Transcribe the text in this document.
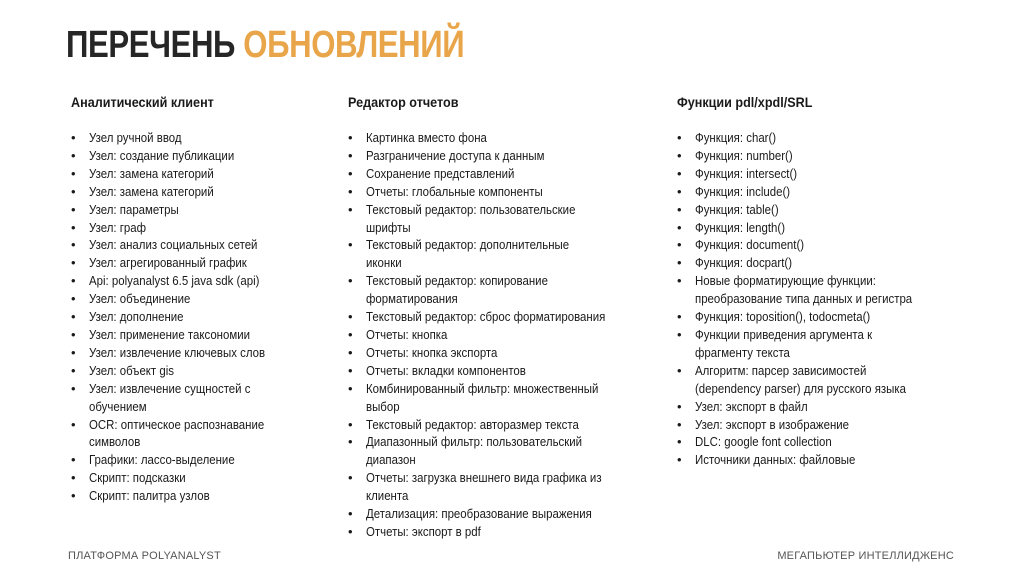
ПЕРЕЧЕНЬ ОБНОВЛЕНИЙ
Аналитический клиент
• Узел ручной ввод
• Узел: создание публикации
• Узел: замена категорий
• Узел: замена категорий
• Узел: параметры
• Узел: граф
• Узел: анализ социальных сетей
• Узел: агрегированный график
• Api: polyanalyst 6.5 java sdk (api)
• Узел: объединение
• Узел: дополнение
• Узел: применение таксономии
• Узел: извлечение ключевых слов
• Узел: объект gis
• Узел: извлечение сущностей с
обучением
• OCR: оптическое распознавание
символов
• Графики: лассо-выделение
• Скрипт: подсказки
• Скрипт: палитра узлов
Редактор отчетов
• Картинка вместо фона
• Разграничение доступа к данным
• Сохранение представлений
• Отчеты: глобальные компоненты
• Текстовый редактор: пользовательские
шрифты
• Текстовый редактор: дополнительные
иконки
• Текстовый редактор: копирование
форматирования
• Текстовый редактор: сброс форматирования
• Отчеты: кнопка
• Отчеты: кнопка экспорта
• Отчеты: вкладки компонентов
• Комбинированный фильтр: множественный
выбор
• Текстовый редактор: авторазмер текста
• Диапазонный фильтр: пользовательский
диапазон
• Отчеты: загрузка внешнего вида графика из
клиента
• Детализация: преобразование выражения
• Отчеты: экспорт в pdf
Функции pdl/xpdl/SRL
• Функция: char()
• Функция: number()
• Функция: intersect()
• Функция: include()
• Функция: table()
• Функция: length()
• Функция: document()
• Функция: docpart()
• Новые форматирующие функции:
преобразование типа данных и регистра
• Функция: toposition(), todocmeta()
• Функции приведения аргумента к
фрагменту текста
• Алгоритм: парсер зависимостей
(dependency parser) для русского языка
• Узел: экспорт в файл
• Узел: экспорт в изображение
• DLC: google font collection
• Источники данных: файловые
ПЛАТФОРМА POLYANALYST	МЕГАПЬЮТЕР ИНТЕЛЛИДЖЕНС
